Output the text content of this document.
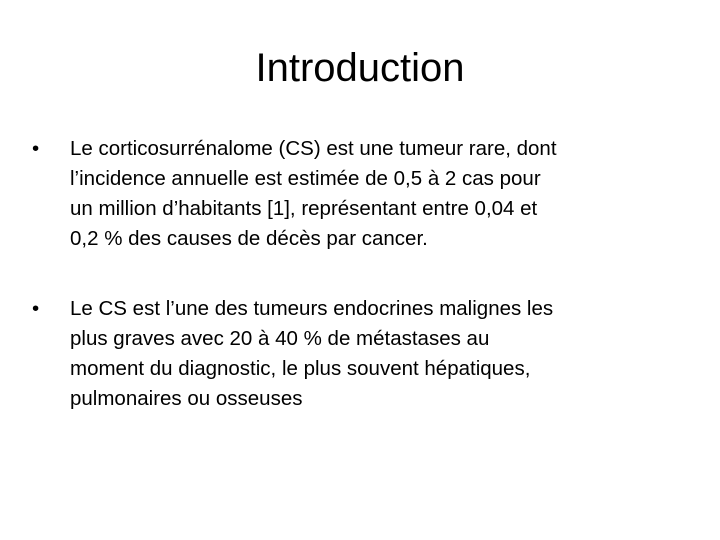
Introduction
•	Le corticosurrénalome (CS) est une tumeur rare, dont
l’incidence annuelle est estimée de 0,5 à 2 cas pour
un million d’habitants [1], représentant entre 0,04 et
0,2 % des causes de décès par cancer.
•	Le CS est l’une des tumeurs endocrines malignes les
plus graves avec 20 à 40 % de métastases au
moment du diagnostic, le plus souvent hépatiques,
pulmonaires ou osseuses
